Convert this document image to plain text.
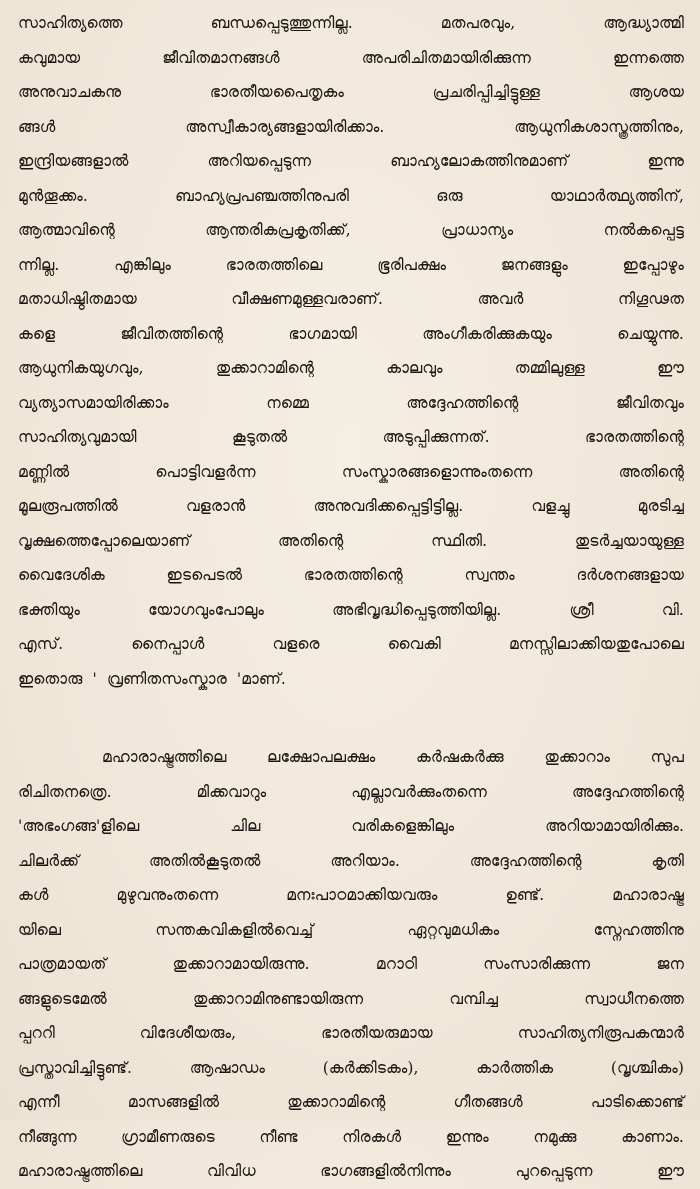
സാഹിത്യത്തെ	ബന്ധപ്പെടുത്തുന്നില്ല.	മതപരവും,	ആദ്ധ്യാത്മി
കവുമായ	ജീവിതമാനങ്ങൾ	അപരിചിതമായിരിക്കുന്ന	ഇന്നത്തെ
അനുവാചകനു	ഭാരതീയപൈതൃകം	പ്രചരിപ്പിച്ചിട്ടുള്ള	ആശയ
ങ്ങൾ	അസ്വീകാര്യങ്ങളായിരിക്കാം.	ആധുനികശാസ്ത്രത്തിനും,
ഇന്ദ്രിയങ്ങളാൽ	അറിയപ്പെടുന്ന	ബാഹ്യലോകത്തിനുമാണ്	ഇന്നു
മുൻതൂക്കം.	ബാഹ്യപ്രപഞ്ചത്തിനുപരി	ഒരു	യാഥാർത്ഥ്യത്തിന്,
ആത്മാവിന്റെ	ആന്തരികപ്രകൃതിക്ക്,	പ്രാധാന്യം	നൽകപ്പെട്ട
ന്നില്ല.	എങ്കിലും	ഭാരതത്തിലെ	ഭൂരിപക്ഷം	ജനങ്ങളും	ഇപ്പോഴും
മതാധിഷ്ഠിതമായ	വീക്ഷണമുള്ളവരാണ്.	അവർ	നിഗൂഢത
കളെ	ജീവിതത്തിന്റെ	ഭാഗമായി	അംഗീകരിക്കുകയും	ചെയ്യുന്നു.
ആധുനികയുഗവും,	തുക്കാറാമിന്റെ	കാലവും	തമ്മിലുള്ള	ഈ
വ്യത്യാസമായിരിക്കാം	നമ്മെ	അദ്ദേഹത്തിന്റെ	ജീവിതവും
സാഹിത്യവുമായി	കൂടുതൽ	അടുപ്പിക്കുന്നത്.	ഭാരതത്തിന്റെ
മണ്ണിൽ	പൊട്ടിവളർന്ന	സംസ്കാരങ്ങളൊന്നുംതന്നെ	അതിന്റെ
മൂലരൂപത്തിൽ	വളരാൻ	അനുവദിക്കപ്പെട്ടിട്ടില്ല.	വളച്ചു	മുരടിച്ച
വൃക്ഷത്തെപ്പോലെയാണ്	അതിന്റെ	സ്ഥിതി.	തുടർച്ചയായുള്ള
വൈദേശിക	ഇടപെടൽ	ഭാരതത്തിന്റെ	സ്വന്തം	ദർശനങ്ങളായ
ഭക്തിയും	യോഗവുംപോലും	അഭിവൃദ്ധിപ്പെടുത്തിയില്ല.	ശ്രീ	വി.
എസ്.	നൈപ്പാൾ	വളരെ	വൈകി	മനസ്സിലാക്കിയതുപോലെ
ഇതൊരു
'
വ്രണിതസംസ്കാര
'മാണ്.
മഹാരാഷ്ട്രത്തിലെ	ലക്ഷോപലക്ഷം	കർഷകർക്കു	തുക്കാറാം	സുപ
രിചിതനത്രെ.	മിക്കവാറും	എല്ലാവർക്കുംതന്നെ	അദ്ദേഹത്തിന്റെ
'അഭംഗങ്ങ'ളിലെ	ചില	വരികളെങ്കിലും	അറിയാമായിരിക്കും.
ചിലർക്ക്	അതിൽകൂടുതൽ	അറിയാം.	അദ്ദേഹത്തിന്റെ	കൃതി
കൾ	മുഴുവനുംതന്നെ	മനഃപാഠമാക്കിയവരും	ഉണ്ട്.	മഹാരാഷ്ട്ര
യിലെ	സന്തകവികളിൽവെച്ച്	ഏറ്റവുമധികം	സ്നേഹത്തിനു
പാത്രമായത്	തുക്കാറാമായിരുന്നു.	മറാഠി	സംസാരിക്കുന്ന	ജന
ങ്ങളുടെമേൽ	തുക്കാറാമിനുണ്ടായിരുന്ന	വമ്പിച്ച	സ്വാധീനത്തെ
പ്പററി	വിദേശീയരും,	ഭാരതീയരുമായ	സാഹിത്യനിരൂപകന്മാർ
പ്രസ്താവിച്ചിട്ടുണ്ട്.	ആഷാഡം	(കർക്കിടകം),	കാർത്തിക	(വൃശ്ചികം)
എന്നീ	മാസങ്ങളിൽ	തുക്കാറാമിന്റെ	ഗീതങ്ങൾ	പാടിക്കൊണ്ട്
നീങ്ങുന്ന	ഗ്രാമീണരുടെ	നീണ്ട	നിരകൾ	ഇന്നും	നമുക്കു	കാണാം.
മഹാരാഷ്ട്രത്തിലെ	വിവിധ	ഭാഗങ്ങളിൽനിന്നും	പുറപ്പെടുന്ന	ഈ
